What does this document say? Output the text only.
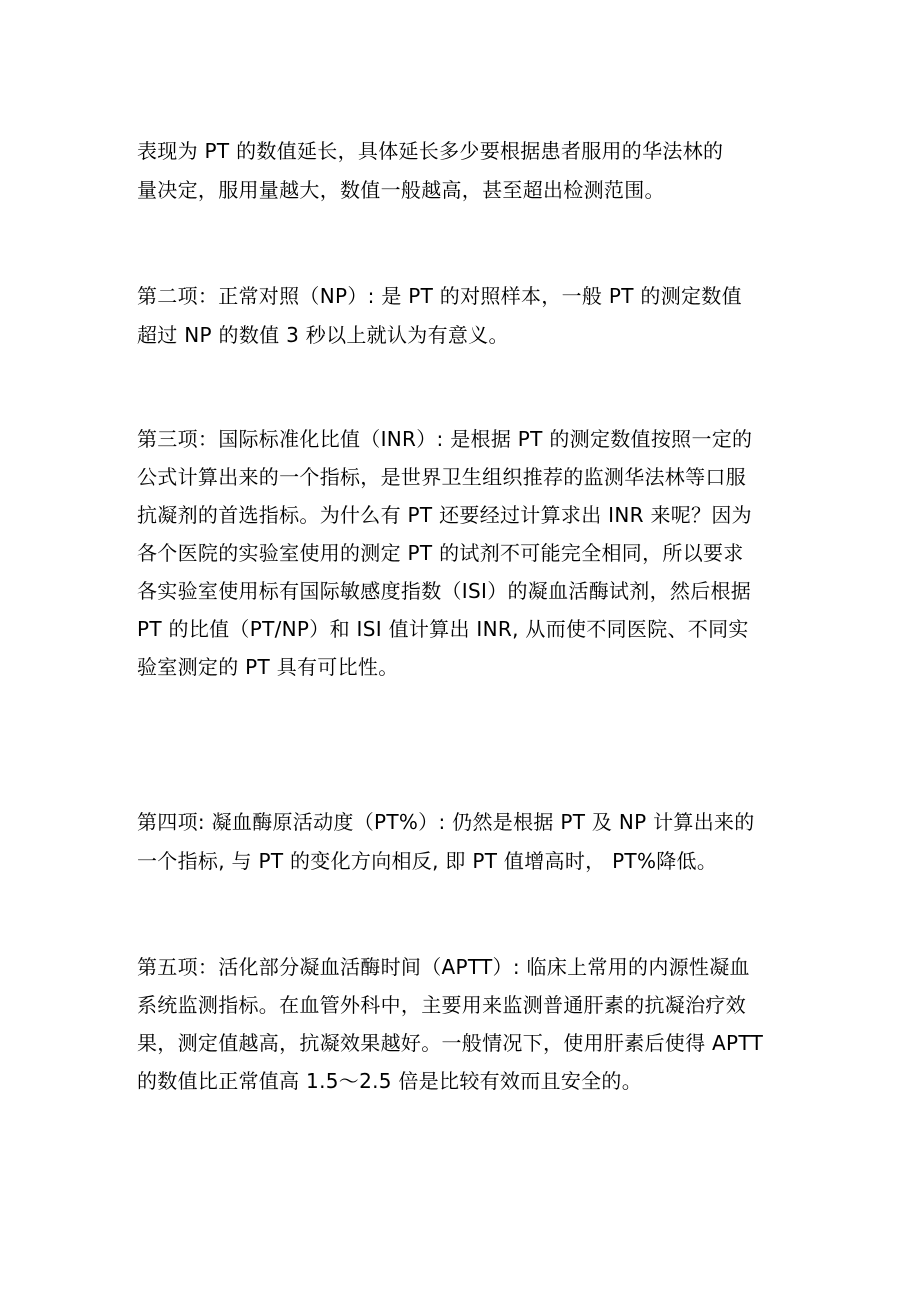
表现为 PT 的数值延长，具体延长多少要根据患者服用的华法林的
量决定，服用量越大，数值一般越高，甚至超出检测范围。
第二项：正常对照（NP）: 是 PT 的对照样本，一般 PT 的测定数值
超过 NP 的数值 3 秒以上就认为有意义。
第三项：国际标准化比值（INR）: 是根据 PT 的测定数值按照一定的
公式计算出来的一个指标，是世界卫生组织推荐的监测华法林等口服
抗凝剂的首选指标。为什么有 PT 还要经过计算求出 INR 来呢？因为
各个医院的实验室使用的测定 PT 的试剂不可能完全相同，所以要求
各实验室使用标有国际敏感度指数（ISI）的凝血活酶试剂，然后根据
PT 的比值（PT/NP）和 ISI 值计算出 INR, 从而使不同医院、不同实
验室测定的 PT 具有可比性。
第四项: 凝血酶原活动度（PT%）: 仍然是根据 PT 及 NP 计算出来的
一个指标, 与 PT 的变化方向相反, 即 PT 值增高时， PT%降低。
第五项：活化部分凝血活酶时间（APTT）: 临床上常用的内源性凝血
系统监测指标。在血管外科中，主要用来监测普通肝素的抗凝治疗效
果，测定值越高，抗凝效果越好。一般情况下，使用肝素后使得 APTT
的数值比正常值高 1.5～2.5 倍是比较有效而且安全的。
